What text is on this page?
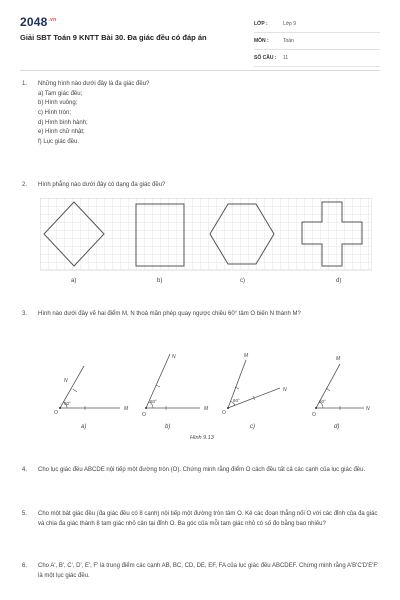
$2048^{.vn}$
Giải SBT Toán 9 KNTT Bài 30. Đa giác đều có đáp án
LỚP :	Lớp 9
MÔN :	Toán
SỐ CÂU :	11
1.	Những hình nào dưới đây là đa giác đều?
a) Tam giác đều;
b) Hình vuông;
c) Hình tròn;
d) Hình bình hành;
e) Hình chữ nhật;
f) Lục giác đều.
2.	Hình phẳng nào dưới đây có dạng đa giác đều?
a)	b)	c)	d)
3.	Hình nào dưới đây vẽ hai điểm M, N thoả mãn phép quay ngược chiều 60° tâm O biến N thành M?
O
M
N
60°
O
M
N
60°
O
N
M
60°
O
N
M
60°
a)	b)	c)	d)
Hình 9.13
4.	Cho lục giác đều ABCDE nội tiếp một đường tròn (O). Chứng minh rằng điểm O cách đều tất cả các cạnh của lục giác đều.
5.	Cho một bát giác đều (đa giác đều có 8 cạnh) nội tiếp một đường tròn tâm O. Kẻ các đoạn thẳng nối O với các đỉnh của đa giác và chia đa giác thành 8 tam giác nhỏ cân tại đỉnh O. Ba góc của mỗi tam giác nhỏ có số đo bằng bao nhiêu?
6.	Cho A', B', C', D', E', F' là trung điểm các cạnh AB, BC, CD, DE, EF, FA của lục giác đều ABCDEF. Chứng minh rằng A'B'C'D'E'F' là một lục giác đều.
